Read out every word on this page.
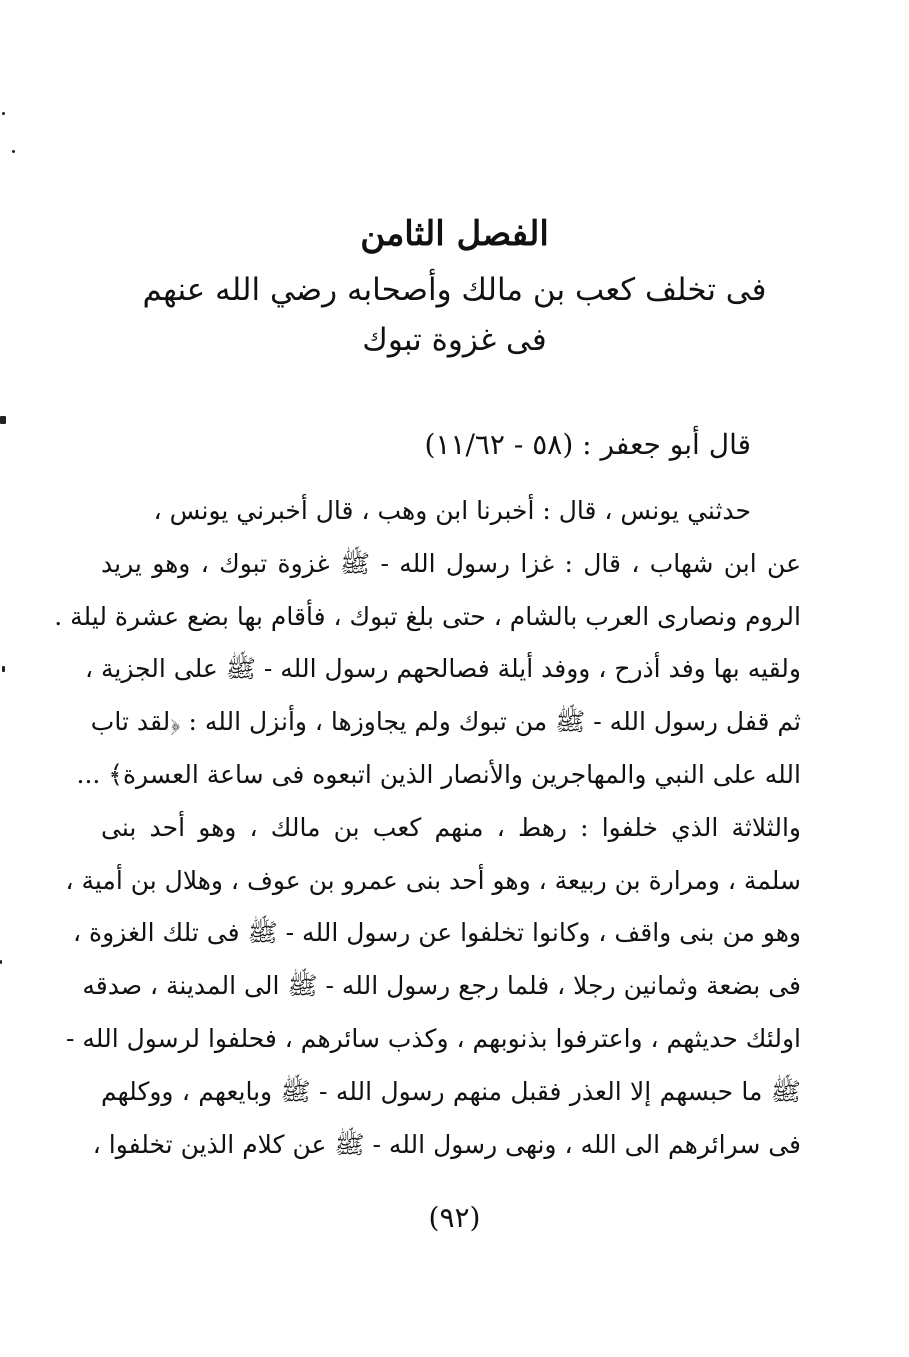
الفصل الثامن
فى تخلف كعب بن مالك وأصحابه رضي الله عنهم
فى غزوة تبوك
قال أبو جعفر : (٥٨ - ١١/٦٢)
حدثني يونس ، قال : أخبرنا ابن وهب ، قال أخبرني يونس ،
عن ابن شهاب ، قال : غزا رسول الله - ﷺ غزوة تبوك ، وهو يريد
الروم ونصارى العرب بالشام ، حتى بلغ تبوك ، فأقام بها بضع عشرة ليلة .
ولقيه بها وفد أذرح ، ووفد أيلة فصالحهم رسول الله - ﷺ على الجزية ،
ثم قفل رسول الله - ﷺ من تبوك ولم يجاوزها ، وأنزل الله : ﴿لقد تاب
الله على النبي والمهاجرين والأنصار الذين اتبعوه فى ساعة العسرة﴾ ...
والثلاثة الذي خلفوا : رهط ، منهم كعب بن مالك ، وهو أحد بنى
سلمة ، ومرارة بن ربيعة ، وهو أحد بنى عمرو بن عوف ، وهلال بن أمية ،
وهو من بنى واقف ، وكانوا تخلفوا عن رسول الله - ﷺ فى تلك الغزوة ،
فى بضعة وثمانين رجلا ، فلما رجع رسول الله - ﷺ الى المدينة ، صدقه
اولئك حديثهم ، واعترفوا بذنوبهم ، وكذب سائرهم ، فحلفوا لرسول الله -
ﷺ ما حبسهم إلا العذر فقبل منهم رسول الله - ﷺ وبايعهم ، ووكلهم
فى سرائرهم الى الله ، ونهى رسول الله - ﷺ عن كلام الذين تخلفوا ،
(٩٢)
